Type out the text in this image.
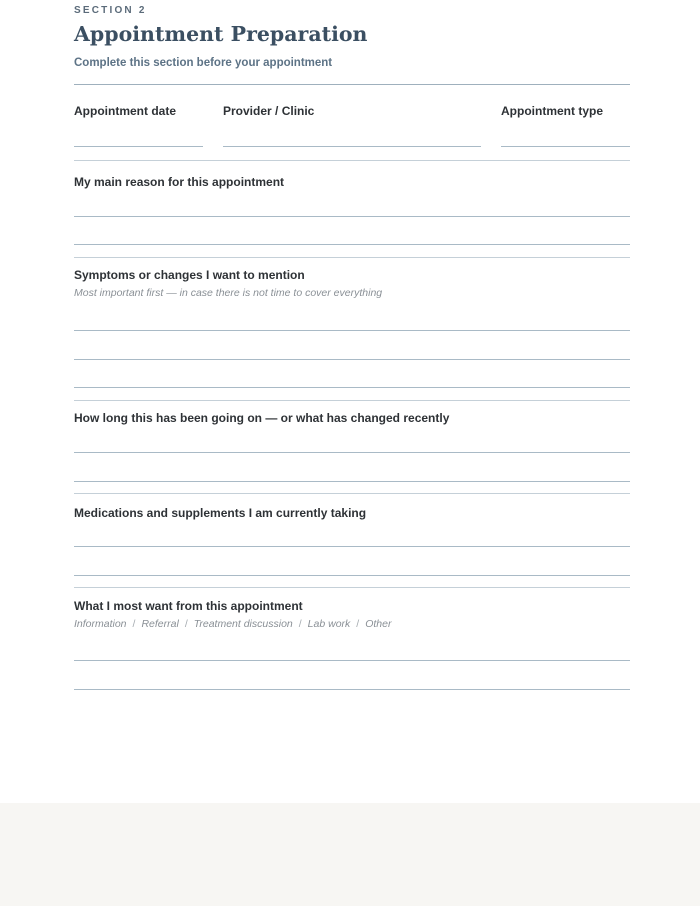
SECTION 2
Appointment Preparation
Complete this section before your appointment
Appointment date	Provider / Clinic	Appointment type
My main reason for this appointment
Symptoms or changes I want to mention
Most important first — in case there is not time to cover everything
How long this has been going on — or what has changed recently
Medications and supplements I am currently taking
What I most want from this appointment
Information / Referral / Treatment discussion / Lab work / Other
